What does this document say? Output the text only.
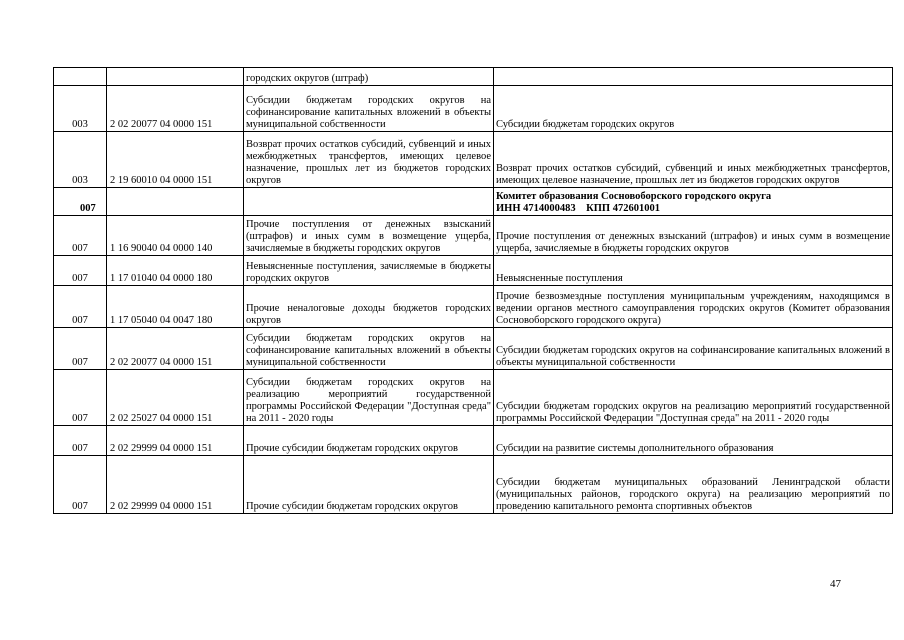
		городских округов (штраф)	
003	2 02 20077 04 0000 151	Субсидии бюджетам городских округов на софинансирование капитальных вложений в объекты муниципальной собственности	Субсидии бюджетам городских округов
003	2 19 60010 04 0000 151	Возврат прочих остатков субсидий, субвенций и иных межбюджетных трансфертов, имеющих целевое назначение, прошлых лет из бюджетов городских округов	Возврат прочих остатков субсидий, субвенций и иных межбюджетных трансфертов, имеющих целевое назначение, прошлых лет из бюджетов городских округов
007			Комитет образования Сосновоборского городского округа
ИНН 4714000483    КПП 472601001

007	1 16 90040 04 0000 140	Прочие поступления от денежных взысканий (штрафов) и иных сумм в возмещение ущерба, зачисляемые в бюджеты городских округов	Прочие поступления от денежных взысканий (штрафов) и иных сумм в возмещение ущерба, зачисляемые в бюджеты городских округов
007	1 17 01040 04 0000 180	Невыясненные поступления, зачисляемые в бюджеты городских округов	Невыясненные поступления
007	1 17 05040 04 0047 180	Прочие неналоговые доходы бюджетов городских округов	Прочие безвозмездные поступления муниципальным учреждениям, находящимся в ведении органов местного самоуправления городских округов (Комитет образования Сосновоборского городского округа)
007	2 02 20077 04 0000 151	Субсидии бюджетам городских округов на софинансирование капитальных вложений в объекты муниципальной собственности	Субсидии бюджетам городских округов на софинансирование капитальных вложений в объекты муниципальной собственности
007	2 02 25027 04 0000 151	Субсидии бюджетам городских округов на реализацию мероприятий государственной программы Российской Федерации "Доступная среда" на 2011 - 2020 годы	Субсидии бюджетам городских округов на реализацию мероприятий государственной программы Российской Федерации "Доступная среда" на 2011 - 2020 годы
007	2 02 29999 04 0000 151	Прочие субсидии бюджетам городских округов	Субсидии на развитие системы дополнительного образования
007	2 02 29999 04 0000 151	Прочие субсидии бюджетам городских округов	Субсидии бюджетам муниципальных образований Ленинградской области (муниципальных районов, городского округа) на реализацию мероприятий по проведению капитального ремонта спортивных объектов
47
